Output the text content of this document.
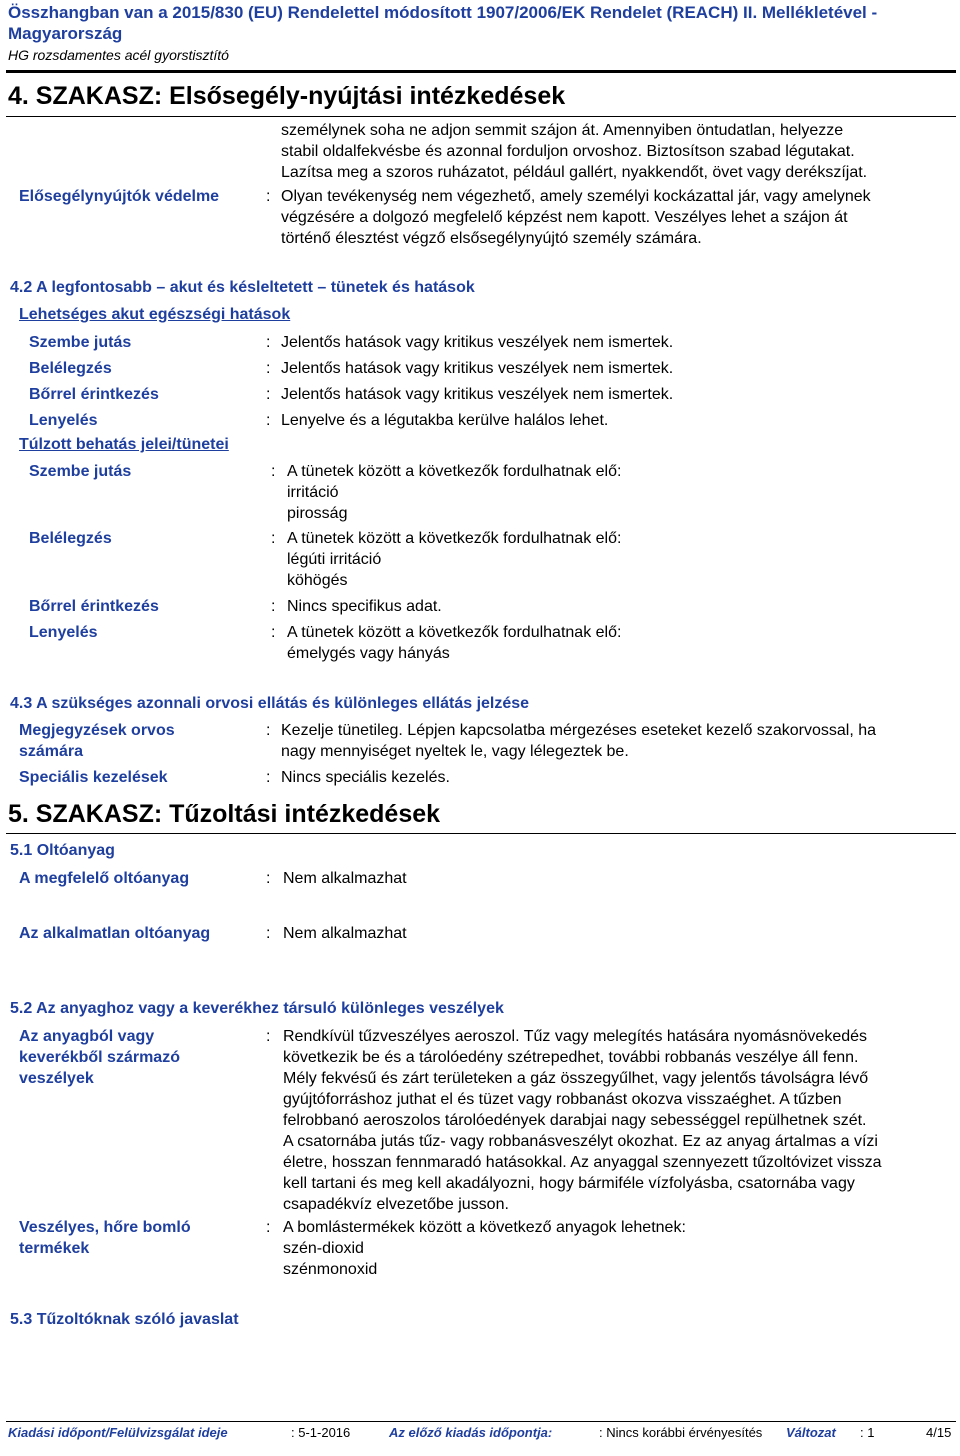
Összhangban van a 2015/830 (EU) Rendelettel módosított 1907/2006/EK Rendelet (REACH) II. Mellékletével -
Magyarország
HG rozsdamentes acél gyorstisztító
4. SZAKASZ: Elsősegély-nyújtási intézkedések
személynek soha ne adjon semmit szájon át. Amennyiben öntudatlan, helyezze
stabil oldalfekvésbe és azonnal forduljon orvoshoz. Biztosítson szabad légutakat.
Lazítsa meg a szoros ruházatot, például gallért, nyakkendőt, övet vagy derékszíjat.
Elősegélynyújtók védelme	: Olyan tevékenység nem végezhető, amely személyi kockázattal jár, vagy amelynek
végzésére a dolgozó megfelelő képzést nem kapott. Veszélyes lehet a szájon át
történő élesztést végző elsősegélynyújtó személy számára.
4.2 A legfontosabb – akut és késleltetett – tünetek és hatások
Lehetséges akut egészségi hatások
Szembe jutás	: Jelentős hatások vagy kritikus veszélyek nem ismertek.
Belélegzés	: Jelentős hatások vagy kritikus veszélyek nem ismertek.
Bőrrel érintkezés	: Jelentős hatások vagy kritikus veszélyek nem ismertek.
Lenyelés	: Lenyelve és a légutakba kerülve halálos lehet.
Túlzott behatás jelei/tünetei
Szembe jutás	: A tünetek között a következők fordulhatnak elő:
irritáció
pirosság
Belélegzés	: A tünetek között a következők fordulhatnak elő:
légúti irritáció
köhögés
Bőrrel érintkezés	: Nincs specifikus adat.
Lenyelés	: A tünetek között a következők fordulhatnak elő:
émelygés vagy hányás
4.3 A szükséges azonnali orvosi ellátás és különleges ellátás jelzése
Megjegyzések orvos
számára
: Kezelje tünetileg. Lépjen kapcsolatba mérgezéses eseteket kezelő szakorvossal, ha
nagy mennyiséget nyeltek le, vagy lélegeztek be.
Speciális kezelések	: Nincs speciális kezelés.
5. SZAKASZ: Tűzoltási intézkedések
5.1 Oltóanyag
A megfelelő oltóanyag	: Nem alkalmazhat
Az alkalmatlan oltóanyag	: Nem alkalmazhat
5.2 Az anyaghoz vagy a keverékhez társuló különleges veszélyek
Az anyagból vagy
keverékből származó
veszélyek
: Rendkívül tűzveszélyes aeroszol. Tűz vagy melegítés hatására nyomásnövekedés
következik be és a tárolóedény szétrepedhet, további robbanás veszélye áll fenn.
Mély fekvésű és zárt területeken a gáz összegyűlhet, vagy jelentős távolságra lévő
gyújtóforráshoz juthat el és tüzet vagy robbanást okozva visszaéghet. A tűzben
felrobbanó aeroszolos tárolóedények darabjai nagy sebességgel repülhetnek szét.
A csatornába jutás tűz- vagy robbanásveszélyt okozhat. Ez az anyag ártalmas a vízi
életre, hosszan fennmaradó hatásokkal. Az anyaggal szennyezett tűzoltóvizet vissza
kell tartani és meg kell akadályozni, hogy bármiféle vízfolyásba, csatornába vagy
csapadékvíz elvezetőbe jusson.
Veszélyes, hőre bomló
termékek
: A bomlástermékek között a következő anyagok lehetnek:
szén-dioxid
szénmonoxid
5.3 Tűzoltóknak szóló javaslat
Kiadási időpont/Felülvizsgálat ideje	: 5-1-2016	Az előző kiadás időpontja:	: Nincs korábbi érvényesítés Változat : 1	4/15
